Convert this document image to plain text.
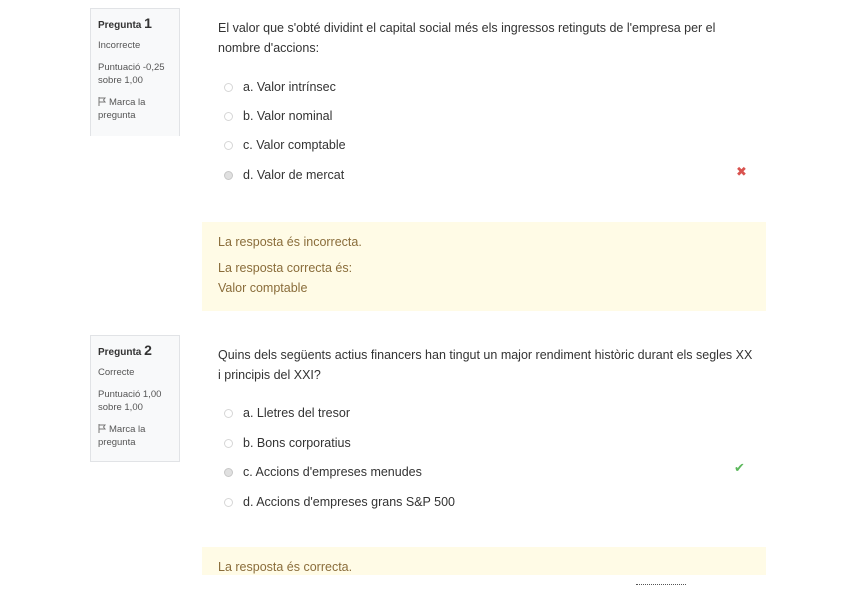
Pregunta 1
Incorrecte
Puntuació -0,25 sobre 1,00
Marca la pregunta
El valor que s'obté dividint el capital social més els ingressos retinguts de l'empresa per el nombre d'accions:
a. Valor intrínsec
b. Valor nominal
c. Valor comptable
d. Valor de mercat	✖
La resposta és incorrecta.
La resposta correcta és:
Valor comptable
Pregunta 2
Correcte
Puntuació 1,00 sobre 1,00
Marca la pregunta
Quins dels següents actius financers han tingut un major rendiment històric durant els segles XX i principis del XXI?
a. Lletres del tresor
b. Bons corporatius
c. Accions d'empreses menudes
d. Accions d'empreses grans S&P 500
✔
La resposta és correcta.
